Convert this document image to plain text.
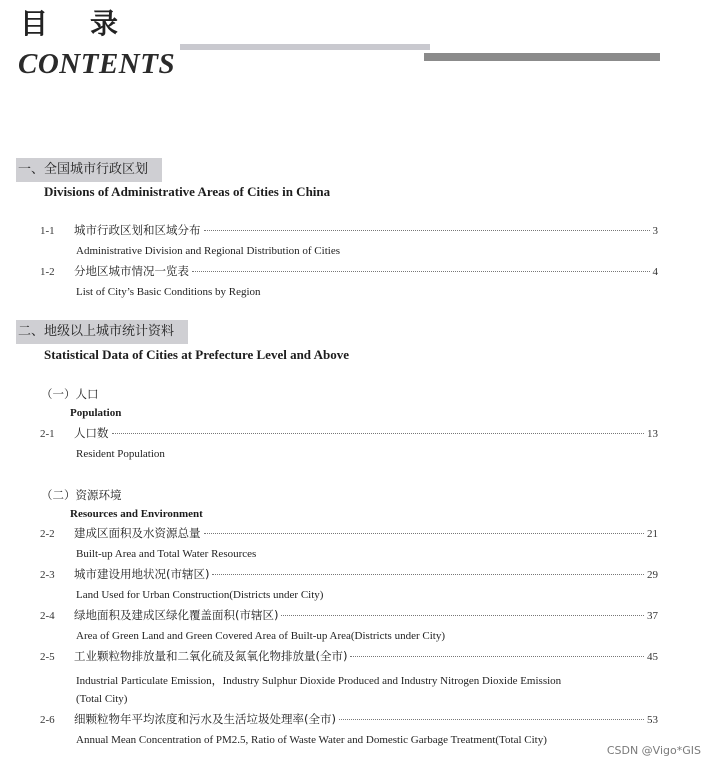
目录
CONTENTS
一、全国城市行政区划
Divisions of Administrative Areas of Cities in China
1-1	城市行政区划和区域分布	3
Administrative Division and Regional Distribution of Cities
1-2	分地区城市情况一览表	4
List of City’s Basic Conditions by Region
二、地级以上城市统计资料
Statistical Data of Cities at Prefecture Level and Above
（一）人口
Population
2-1	人口数	13
Resident Population
（二）资源环境
Resources and Environment
2-2	建成区面积及水资源总量	21
Built-up Area and Total Water Resources
2-3	城市建设用地状况(市辖区)	29
Land Used for Urban Construction(Districts under City)
2-4	绿地面积及建成区绿化覆盖面积(市辖区)	37
Area of Green Land and Green Covered Area of Built-up Area(Districts under City)
2-5	工业颗粒物排放量和二氧化硫及氮氧化物排放量(全市)	45
Industrial Particulate Emission，Industry Sulphur Dioxide Produced and Industry Nitrogen Dioxide Emission
(Total City)
2-6	细颗粒物年平均浓度和污水及生活垃圾处理率(全市)	53
Annual Mean Concentration of PM2.5, Ratio of Waste Water and Domestic Garbage Treatment(Total City)
CSDN @Vigo*GIS
